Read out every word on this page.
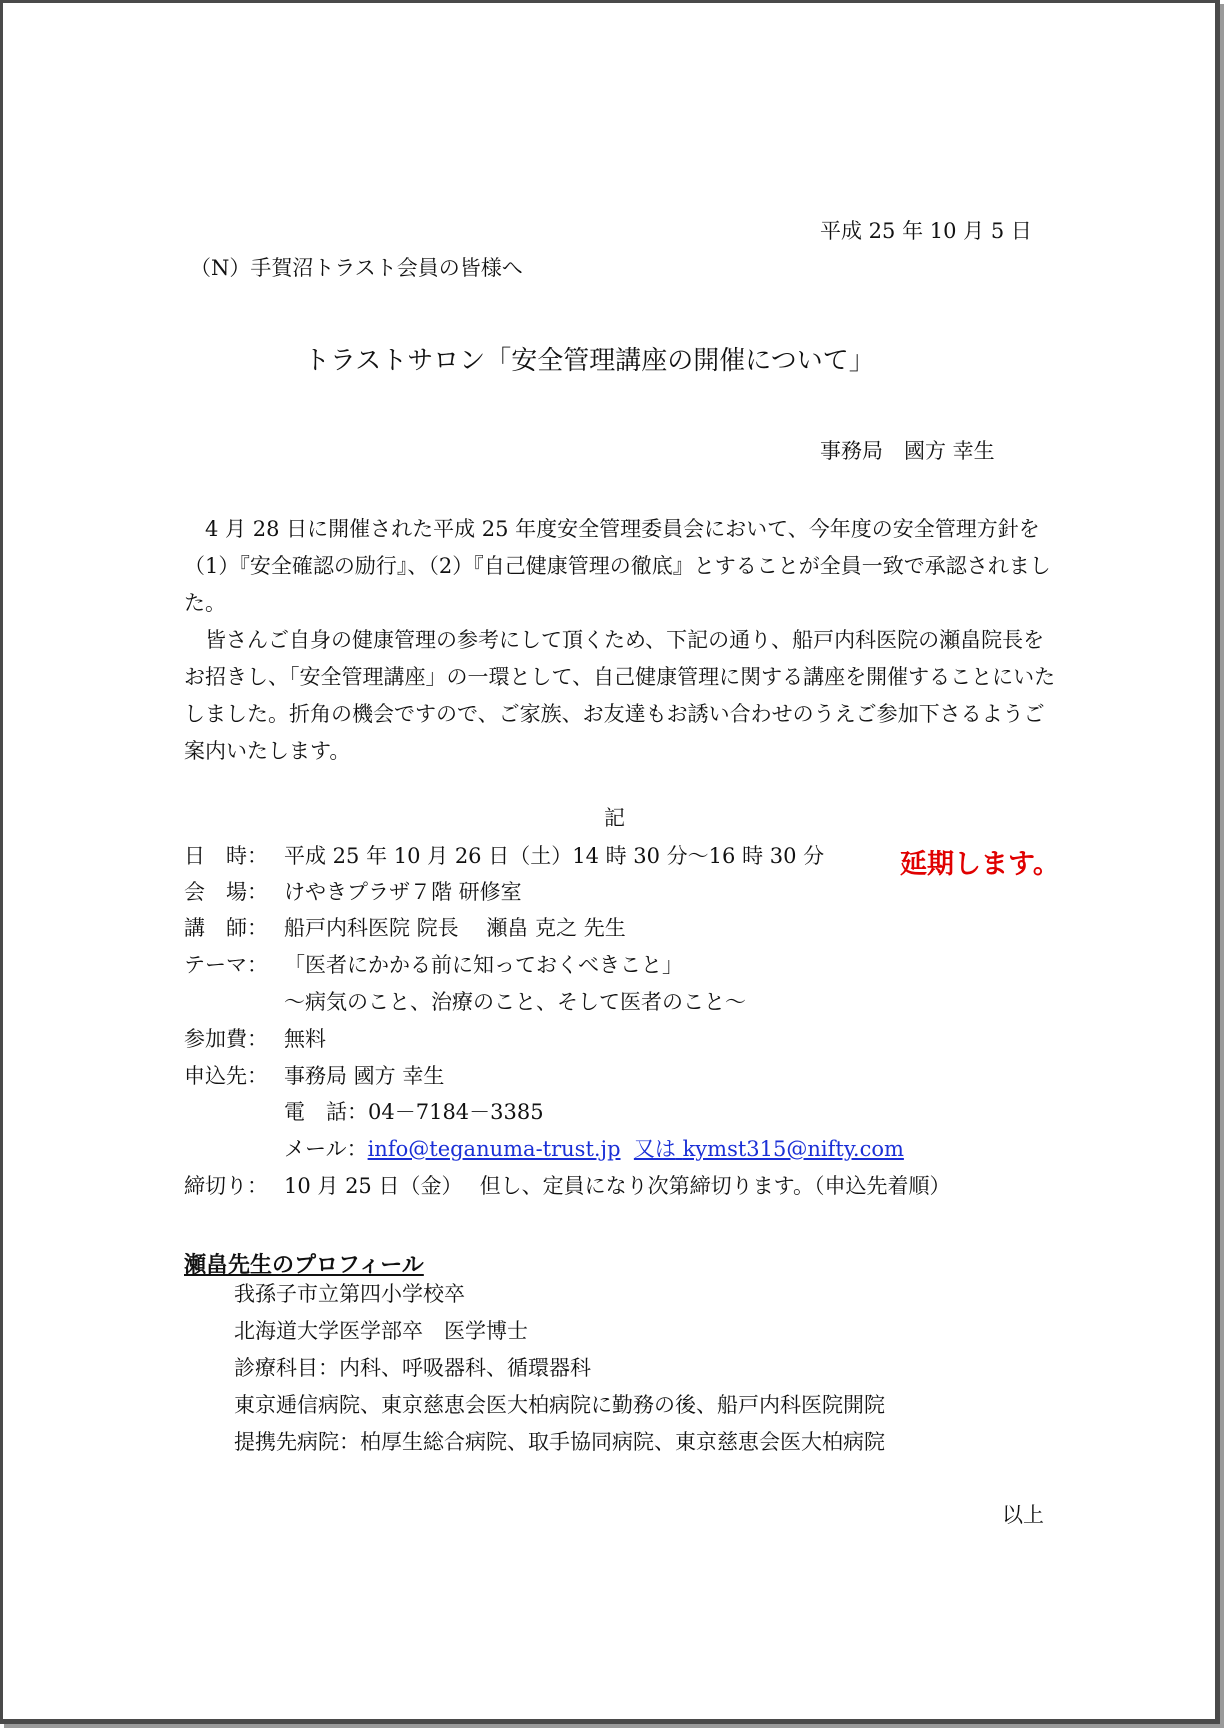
平成 25 年 10 月 5 日
（N）手賀沼トラスト会員の皆様へ
トラストサロン「安全管理講座の開催について」
事務局　國方 幸生

4 月 28 日に開催された平成 25 年度安全管理委員会において、今年度の安全管理方針を（1）『安全確認の励行』、（2）『自己健康管理の徹底』とすることが全員一致で承認されました。

皆さんご自身の健康管理の参考にして頂くため、下記の通り、船戸内科医院の瀬畠院長をお招きし、「安全管理講座」の一環として、自己健康管理に関する講座を開催することにいたしました。折角の機会ですので、ご家族、お友達もお誘い合わせのうえご参加下さるようご案内いたします。

記
日　時： 平成 25 年 10 月 26 日（土）14 時 30 分～16 時 30 分	延期します。
会　場： けやきプラザ７階 研修室
講　師： 船戸内科医院 院長　 瀬畠 克之 先生
テーマ： 「医者にかかる前に知っておくべきこと」
～病気のこと、治療のこと、そして医者のこと～
参加費： 無料
申込先： 事務局 國方 幸生
電　話：04－7184－3385
メール：info@teganuma-trust.jp 又は kymst315@nifty.com
締切り： 10 月 25 日（金）　 但し、定員になり次第締切ります。（申込先着順）
瀬畠先生のプロフィール
我孫子市立第四小学校卒
北海道大学医学部卒　医学博士
診療科目：内科、呼吸器科、循環器科
東京逓信病院、東京慈恵会医大柏病院に勤務の後、船戸内科医院開院
提携先病院：柏厚生総合病院、取手協同病院、東京慈恵会医大柏病院
以上
